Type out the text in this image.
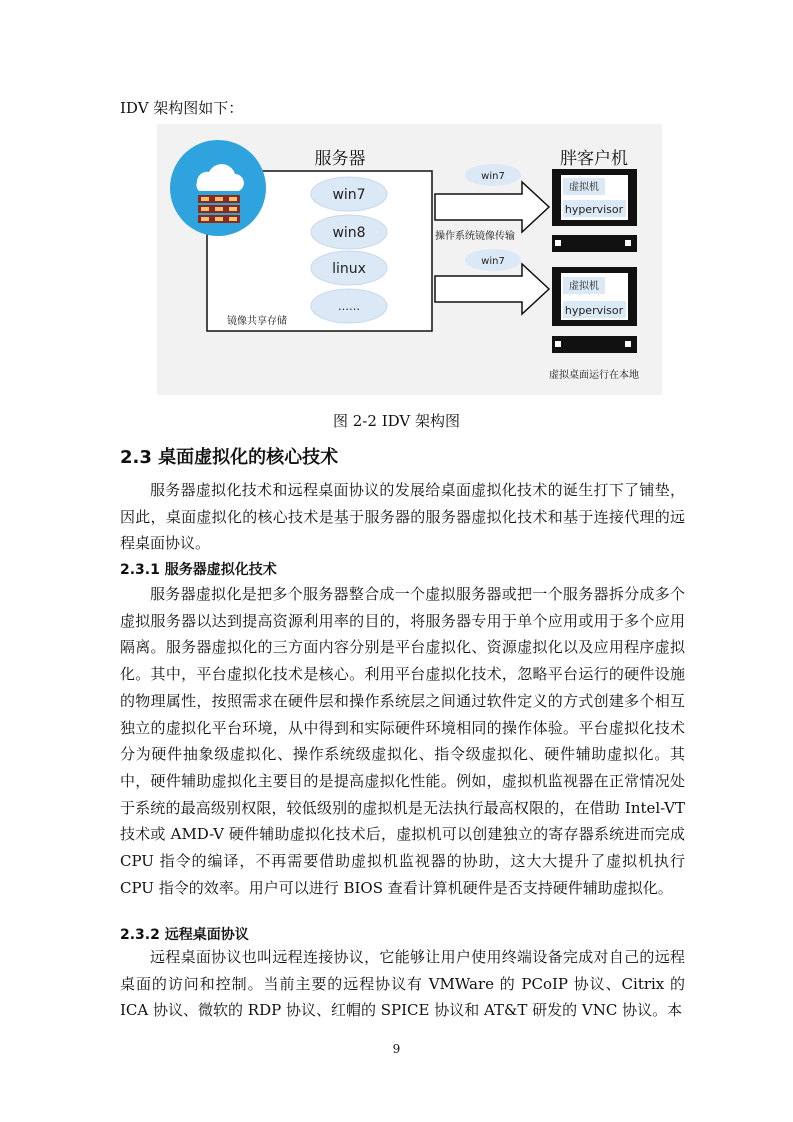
IDV 架构图如下：
服务器
win7
win8
linux
……
镜像共享存储
win7
操作系统镜像传输
win7
胖客户机
虚拟机
hypervisor
虚拟机
hypervisor
虚拟桌面运行在本地
图 2-2 IDV 架构图
2.3 桌面虚拟化的核心技术
服务器虚拟化技术和远程桌面协议的发展给桌面虚拟化技术的诞生打下了铺垫，因此，桌面虚拟化的核心技术是基于服务器的服务器虚拟化技术和基于连接代理的远程桌面协议。
2.3.1 服务器虚拟化技术
服务器虚拟化是把多个服务器整合成一个虚拟服务器或把一个服务器拆分成多个虚拟服务器以达到提高资源利用率的目的，将服务器专用于单个应用或用于多个应用隔离。服务器虚拟化的三方面内容分别是平台虚拟化、资源虚拟化以及应用程序虚拟化。其中，平台虚拟化技术是核心。利用平台虚拟化技术，忽略平台运行的硬件设施的物理属性，按照需求在硬件层和操作系统层之间通过软件定义的方式创建多个相互独立的虚拟化平台环境，从中得到和实际硬件环境相同的操作体验。平台虚拟化技术分为硬件抽象级虚拟化、操作系统级虚拟化、指令级虚拟化、硬件辅助虚拟化。其中，硬件辅助虚拟化主要目的是提高虚拟化性能。例如，虚拟机监视器在正常情况处于系统的最高级别权限，较低级别的虚拟机是无法执行最高权限的，在借助 Intel-VT 技术或 AMD-V 硬件辅助虚拟化技术后，虚拟机可以创建独立的寄存器系统进而完成 CPU 指令的编译，不再需要借助虚拟机监视器的协助，这大大提升了虚拟机执行 CPU 指令的效率。用户可以进行 BIOS 查看计算机硬件是否支持硬件辅助虚拟化。
2.3.2 远程桌面协议
远程桌面协议也叫远程连接协议，它能够让用户使用终端设备完成对自己的远程桌面的访问和控制。当前主要的远程协议有 VMWare 的 PCoIP 协议、Citrix 的 ICA 协议、微软的 RDP 协议、红帽的 SPICE 协议和 AT&T 研发的 VNC 协议。本
9
